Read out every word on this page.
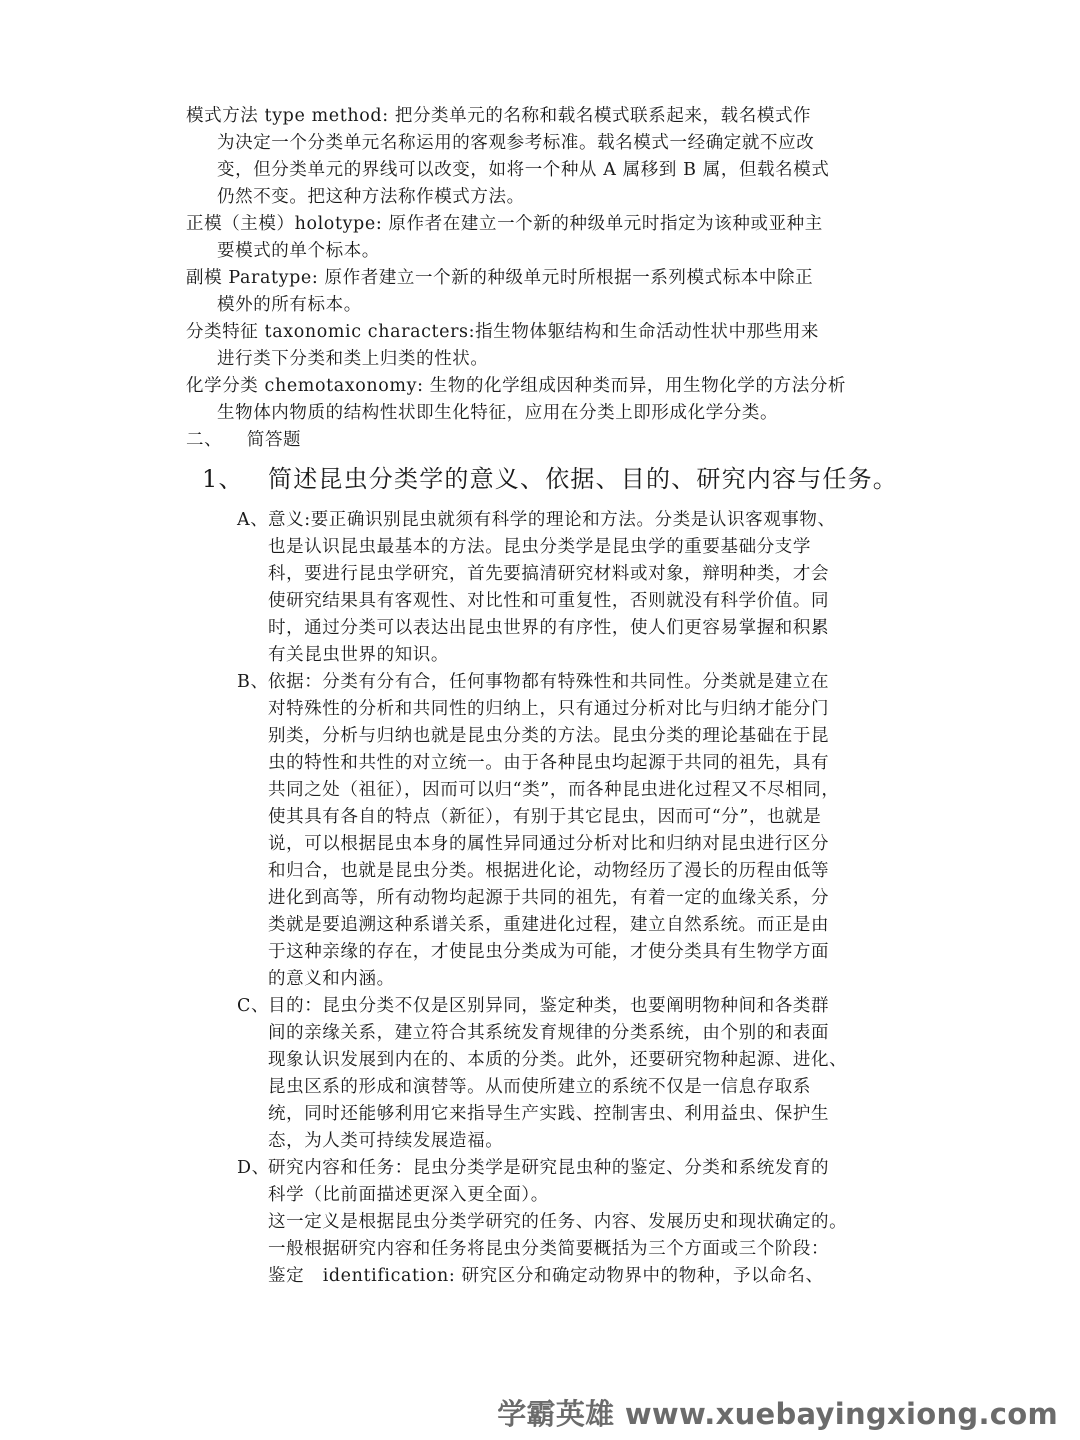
模式方法 type method: 把分类单元的名称和载名模式联系起来，载名模式作
为决定一个分类单元名称运用的客观参考标准。载名模式一经确定就不应改
变，但分类单元的界线可以改变，如将一个种从 A 属移到 B 属，但载名模式
仍然不变。把这种方法称作模式方法。
正模（主模）holotype: 原作者在建立一个新的种级单元时指定为该种或亚种主
要模式的单个标本。
副模 Paratype: 原作者建立一个新的种级单元时所根据一系列模式标本中除正
模外的所有标本。
分类特征 taxonomic characters:指生物体躯结构和生命活动性状中那些用来
进行类下分类和类上归类的性状。
化学分类 chemotaxonomy: 生物的化学组成因种类而异，用生物化学的方法分析
生物体内物质的结构性状即生化特征，应用在分类上即形成化学分类。
二、    简答题
1、 简述昆虫分类学的意义、依据、目的、研究内容与任务。
A、 意义:要正确识别昆虫就须有科学的理论和方法。分类是认识客观事物、
也是认识昆虫最基本的方法。昆虫分类学是昆虫学的重要基础分支学
科，要进行昆虫学研究，首先要搞清研究材料或对象，辩明种类，才会
使研究结果具有客观性、对比性和可重复性，否则就没有科学价值。同
时，通过分类可以表达出昆虫世界的有序性，使人们更容易掌握和积累
有关昆虫世界的知识。
B、 依据：分类有分有合，任何事物都有特殊性和共同性。分类就是建立在
对特殊性的分析和共同性的归纳上，只有通过分析对比与归纳才能分门
别类，分析与归纳也就是昆虫分类的方法。昆虫分类的理论基础在于昆
虫的特性和共性的对立统一。由于各种昆虫均起源于共同的祖先，具有
共同之处（祖征），因而可以归“类”，而各种昆虫进化过程又不尽相同，
使其具有各自的特点（新征），有别于其它昆虫，因而可“分”，也就是
说，可以根据昆虫本身的属性异同通过分析对比和归纳对昆虫进行区分
和归合，也就是昆虫分类。根据进化论，动物经历了漫长的历程由低等
进化到高等，所有动物均起源于共同的祖先，有着一定的血缘关系，分
类就是要追溯这种系谱关系，重建进化过程，建立自然系统。而正是由
于这种亲缘的存在，才使昆虫分类成为可能，才使分类具有生物学方面
的意义和内涵。
C、
目的：昆虫分类不仅是区别异同，鉴定种类，也要阐明物种间和各类群
间的亲缘关系，建立符合其系统发育规律的分类系统，由个别的和表面
现象认识发展到内在的、本质的分类。此外，还要研究物种起源、进化、
昆虫区系的形成和演替等。从而使所建立的系统不仅是一信息存取系
统，同时还能够利用它来指导生产实践、控制害虫、利用益虫、保护生
态，为人类可持续发展造福。
D、
研究内容和任务：昆虫分类学是研究昆虫种的鉴定、分类和系统发育的
科学（比前面描述更深入更全面）。
这一定义是根据昆虫分类学研究的任务、内容、发展历史和现状确定的。
一般根据研究内容和任务将昆虫分类简要概括为三个方面或三个阶段：
鉴定   identification: 研究区分和确定动物界中的物种，予以命名、
学霸英雄 www.xuebayingxiong.com
